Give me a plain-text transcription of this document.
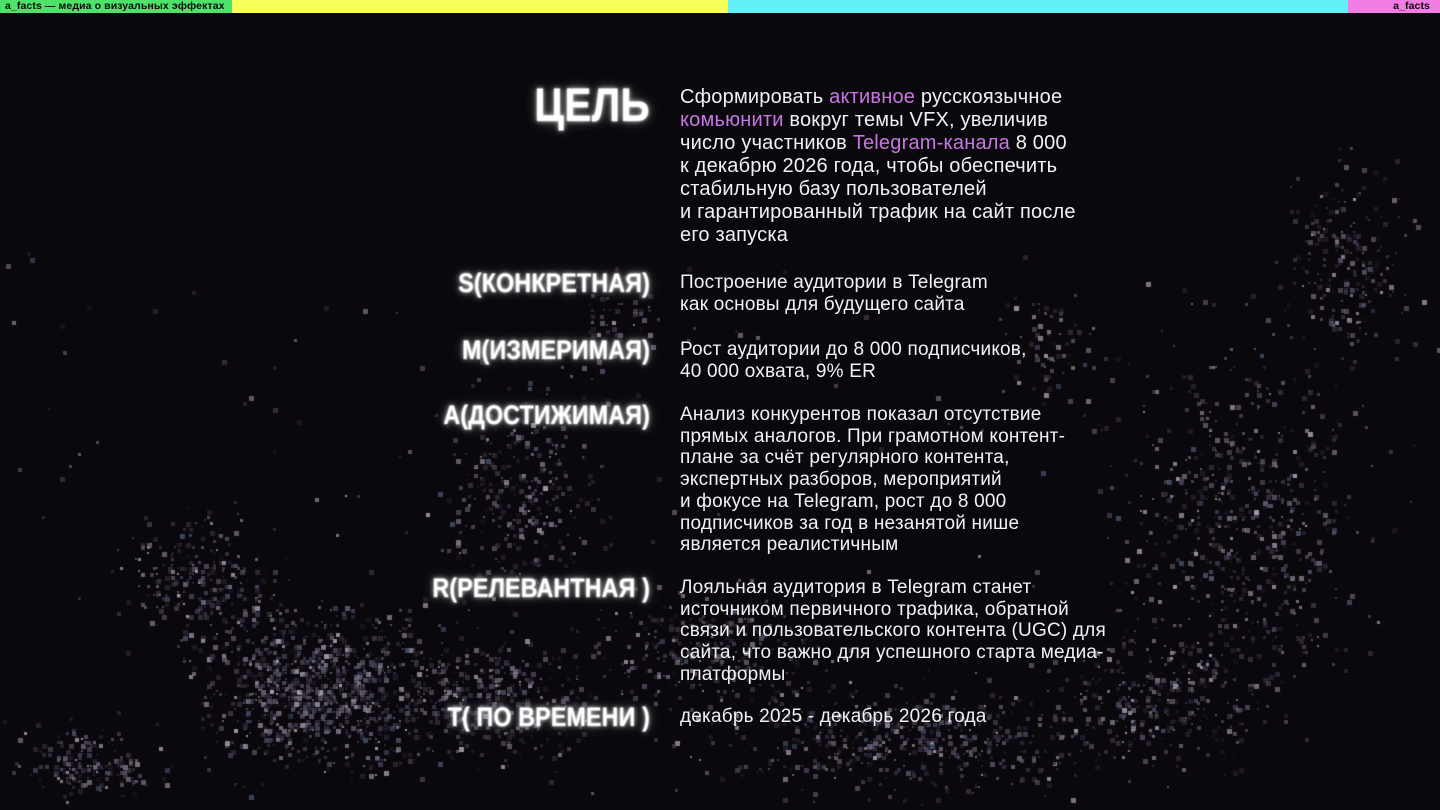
a_facts — медиа о визуальных эффектах	a_facts
ЦЕЛЬ Сформировать активное русскоязычное
комьюнити вокруг темы VFX, увеличив
число участников Telegram-канала 8 000
к декабрю 2026 года, чтобы обеспечить
стабильную базу пользователей
и гарантированный трафик на сайт после
его запуска
S(КОНКРЕТНАЯ) Построение аудитории в Telegram
как основы для будущего сайта
М(ИЗМЕРИМАЯ) Рост аудитории до 8 000 подписчиков,
40 000 охвата, 9% ER
А(ДОСТИЖИМАЯ) Анализ конкурентов показал отсутствие
прямых аналогов. При грамотном контент-
плане за счёт регулярного контента,
экспертных разборов, мероприятий
и фокусе на Telegram, рост до 8 000
подписчиков за год в незанятой нише
является реалистичным
R(РЕЛЕВАНТНАЯ ) Лояльная аудитория в Telegram станет
источником первичного трафика, обратной
связи и пользовательского контента (UGC) для
сайта, что важно для успешного старта медиа-
платформы
Т( ПО ВРЕМЕНИ ) декабрь 2025 - декабрь 2026 года
